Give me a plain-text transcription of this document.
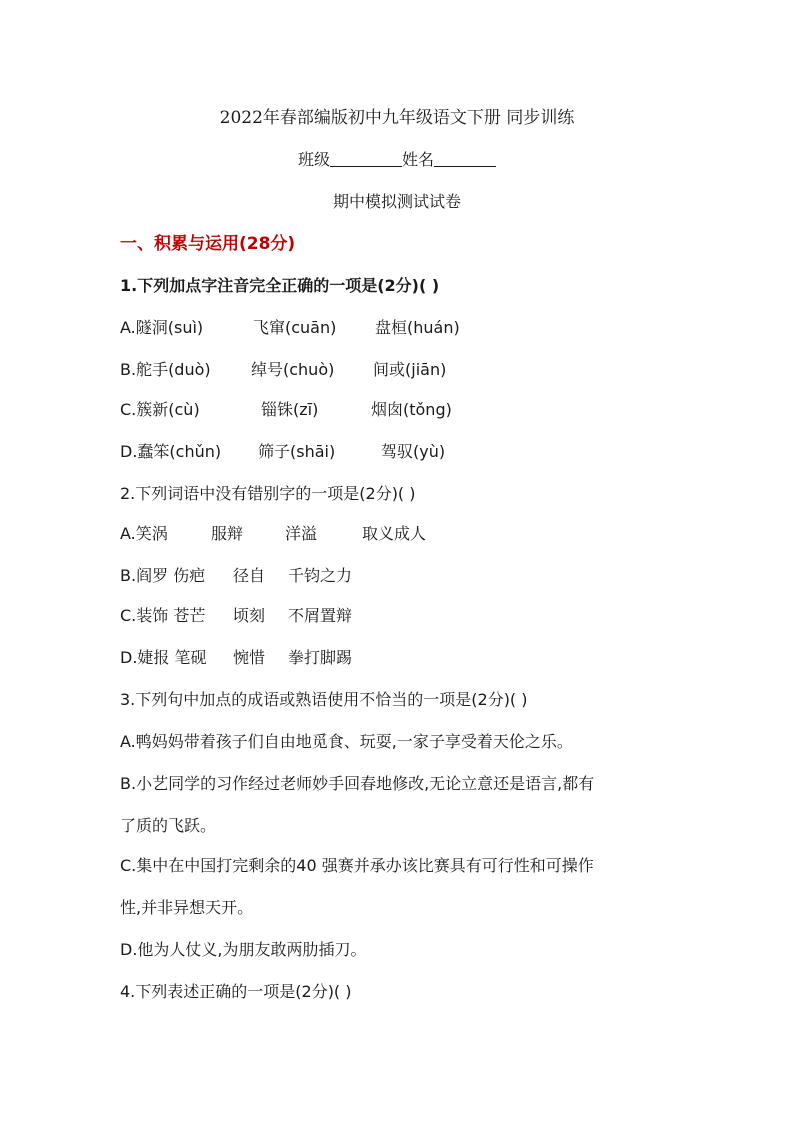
2022年春部编版初中九年级语文下册 同步训练
班级	姓名
期中模拟测试试卷
一、积累与运用(28分)
1.下列加点字注音完全正确的一项是(2分)( )
A.隧洞(suì)	飞窜(cuān) 盘桓(huán)
B.舵手(duò)	绰号(chuò) 间或(jiān)
C.簇新(cù)	锱铢(zī)	烟囱(tǒng)
D.蠢笨(chǔn) 筛子(shāi)	驾驭(yù)
2.下列词语中没有错别字的一项是(2分)( )
A.笑涡	服辩	洋溢	取义成人
B.阎罗 伤疤 径自 千钧之力
C.装饰 苍芒 顷刻 不屑置辩
D.婕报 笔砚 惋惜 拳打脚踢
3.下列句中加点的成语或熟语使用不恰当的一项是(2分)( )
A.鸭妈妈带着孩子们自由地觅食、玩耍,一家子享受着天伦之乐。
B.小艺同学的习作经过老师妙手回春地修改,无论立意还是语言,都有
了质的飞跃。
C.集中在中国打完剩余的40 强赛并承办该比赛具有可行性和可操作
性,并非异想天开。
D.他为人仗义,为朋友敢两肋插刀。
4.下列表述正确的一项是(2分)( )
